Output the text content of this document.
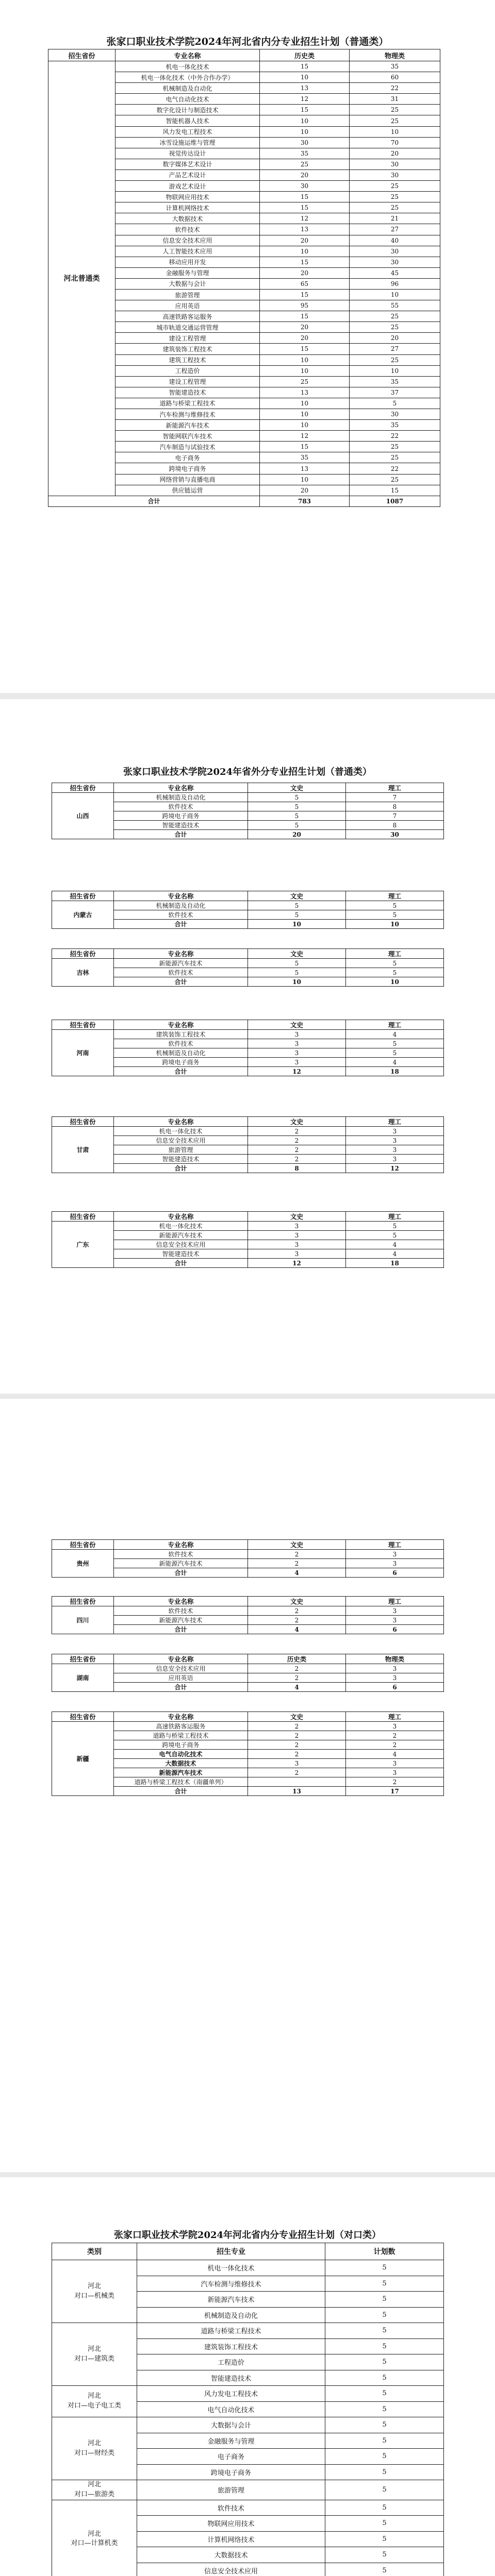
张家口职业技术学院2024年河北省内分专业招生计划（普通类）
招生省份	专业名称	历史类	物理类
河北普通类	机电一体化技术	15	35
	机电一体化技术（中外合作办学）	10	60
	机械制造及自动化	13	22
	电气自动化技术	12	31
	数字化设计与制造技术	15	25
	智能机器人技术	10	25
	风力发电工程技术	10	10
	冰雪设施运维与管理	30	70
	视觉传达设计	35	20
	数字媒体艺术设计	25	30
	产品艺术设计	20	30
	游戏艺术设计	30	25
	物联网应用技术	15	25
	计算机网络技术	15	25
	大数据技术	12	21
	软件技术	13	27
	信息安全技术应用	20	40
	人工智能技术应用	10	30
	移动应用开发	15	30
	金融服务与管理	20	45
	大数据与会计	65	96
	旅游管理	15	10
	应用英语	95	55
	高速铁路客运服务	15	25
	城市轨道交通运营管理	20	25
	建设工程管理	20	20
	建筑装饰工程技术	15	27
	建筑工程技术	10	25
	工程造价	10	10
	建设工程管理	25	35
	智能建造技术	13	37
	道路与桥梁工程技术	10	5
	汽车检测与维修技术	10	30
	新能源汽车技术	10	35
	智能网联汽车技术	12	22
	汽车制造与试验技术	15	25
	电子商务	35	25
	跨境电子商务	13	22
	网络营销与直播电商	10	25
	供应链运营	20	15
合计		783	1087
张家口职业技术学院2024年省外分专业招生计划（普通类）
招生省份	专业名称	文史	理工
山西	机械制造及自动化	5	7
	软件技术	5	8
	跨境电子商务	5	7
	智能建造技术	5	8
	合计	20	30
招生省份	专业名称	文史	理工
内蒙古	机械制造及自动化	5	5
	软件技术	5	5
	合计	10	10
招生省份	专业名称	文史	理工
吉林	新能源汽车技术	5	5
	软件技术	5	5
	合计	10	10
招生省份	专业名称	文史	理工
河南	建筑装饰工程技术	3	4
	软件技术	3	5
	机械制造及自动化	3	5
	跨境电子商务	3	4
	合计	12	18
招生省份	专业名称	文史	理工
甘肃	机电一体化技术	2	3
	信息安全技术应用	2	3
	旅游管理	2	3
	智能建造技术	2	3
	合计	8	12
招生省份	专业名称	文史	理工
广东	机电一体化技术	3	5
	新能源汽车技术	3	5
	信息安全技术应用	3	4
	智能建造技术	3	4
	合计	12	18
招生省份	专业名称	文史	理工
贵州	软件技术	2	3
	新能源汽车技术	2	3
	合计	4	6
招生省份	专业名称	文史	理工
四川	软件技术	2	3
	新能源汽车技术	2	3
	合计	4	6
招生省份	专业名称	历史类	物理类
湖南	信息安全技术应用	2	3
	应用英语	2	3
	合计	4	6
招生省份	专业名称	文史	理工
新疆	高速铁路客运服务	2	3
	道路与桥梁工程技术	2	2
	跨境电子商务	2	2
	电气自动化技术	2	4
	大数据技术	3	3
	新能源汽车技术	2	3
	道路与桥梁工程技术（南疆单列）		2
	合计	13	17
张家口职业技术学院2024年河北省内分专业招生计划（对口类）
类别	招生专业	计划数
河北
对口—机械类	机电一体化技术	5
	汽车检测与维修技术	5
	新能源汽车技术	5
	机械制造及自动化	5
河北
对口—建筑类	道路与桥梁工程技术	5
	建筑装饰工程技术	5
	工程造价	5
	智能建造技术	5
河北
对口—电子电工类	风力发电工程技术	5
	电气自动化技术	5
河北
对口—财经类	大数据与会计	5
	金融服务与管理	5
	电子商务	5
	跨境电子商务	5
河北
对口—旅游类	旅游管理	5
河北
对口—计算机类	软件技术	5
	物联网应用技术	5
	计算机网络技术	5
	大数据技术	5
	信息安全技术应用	5
